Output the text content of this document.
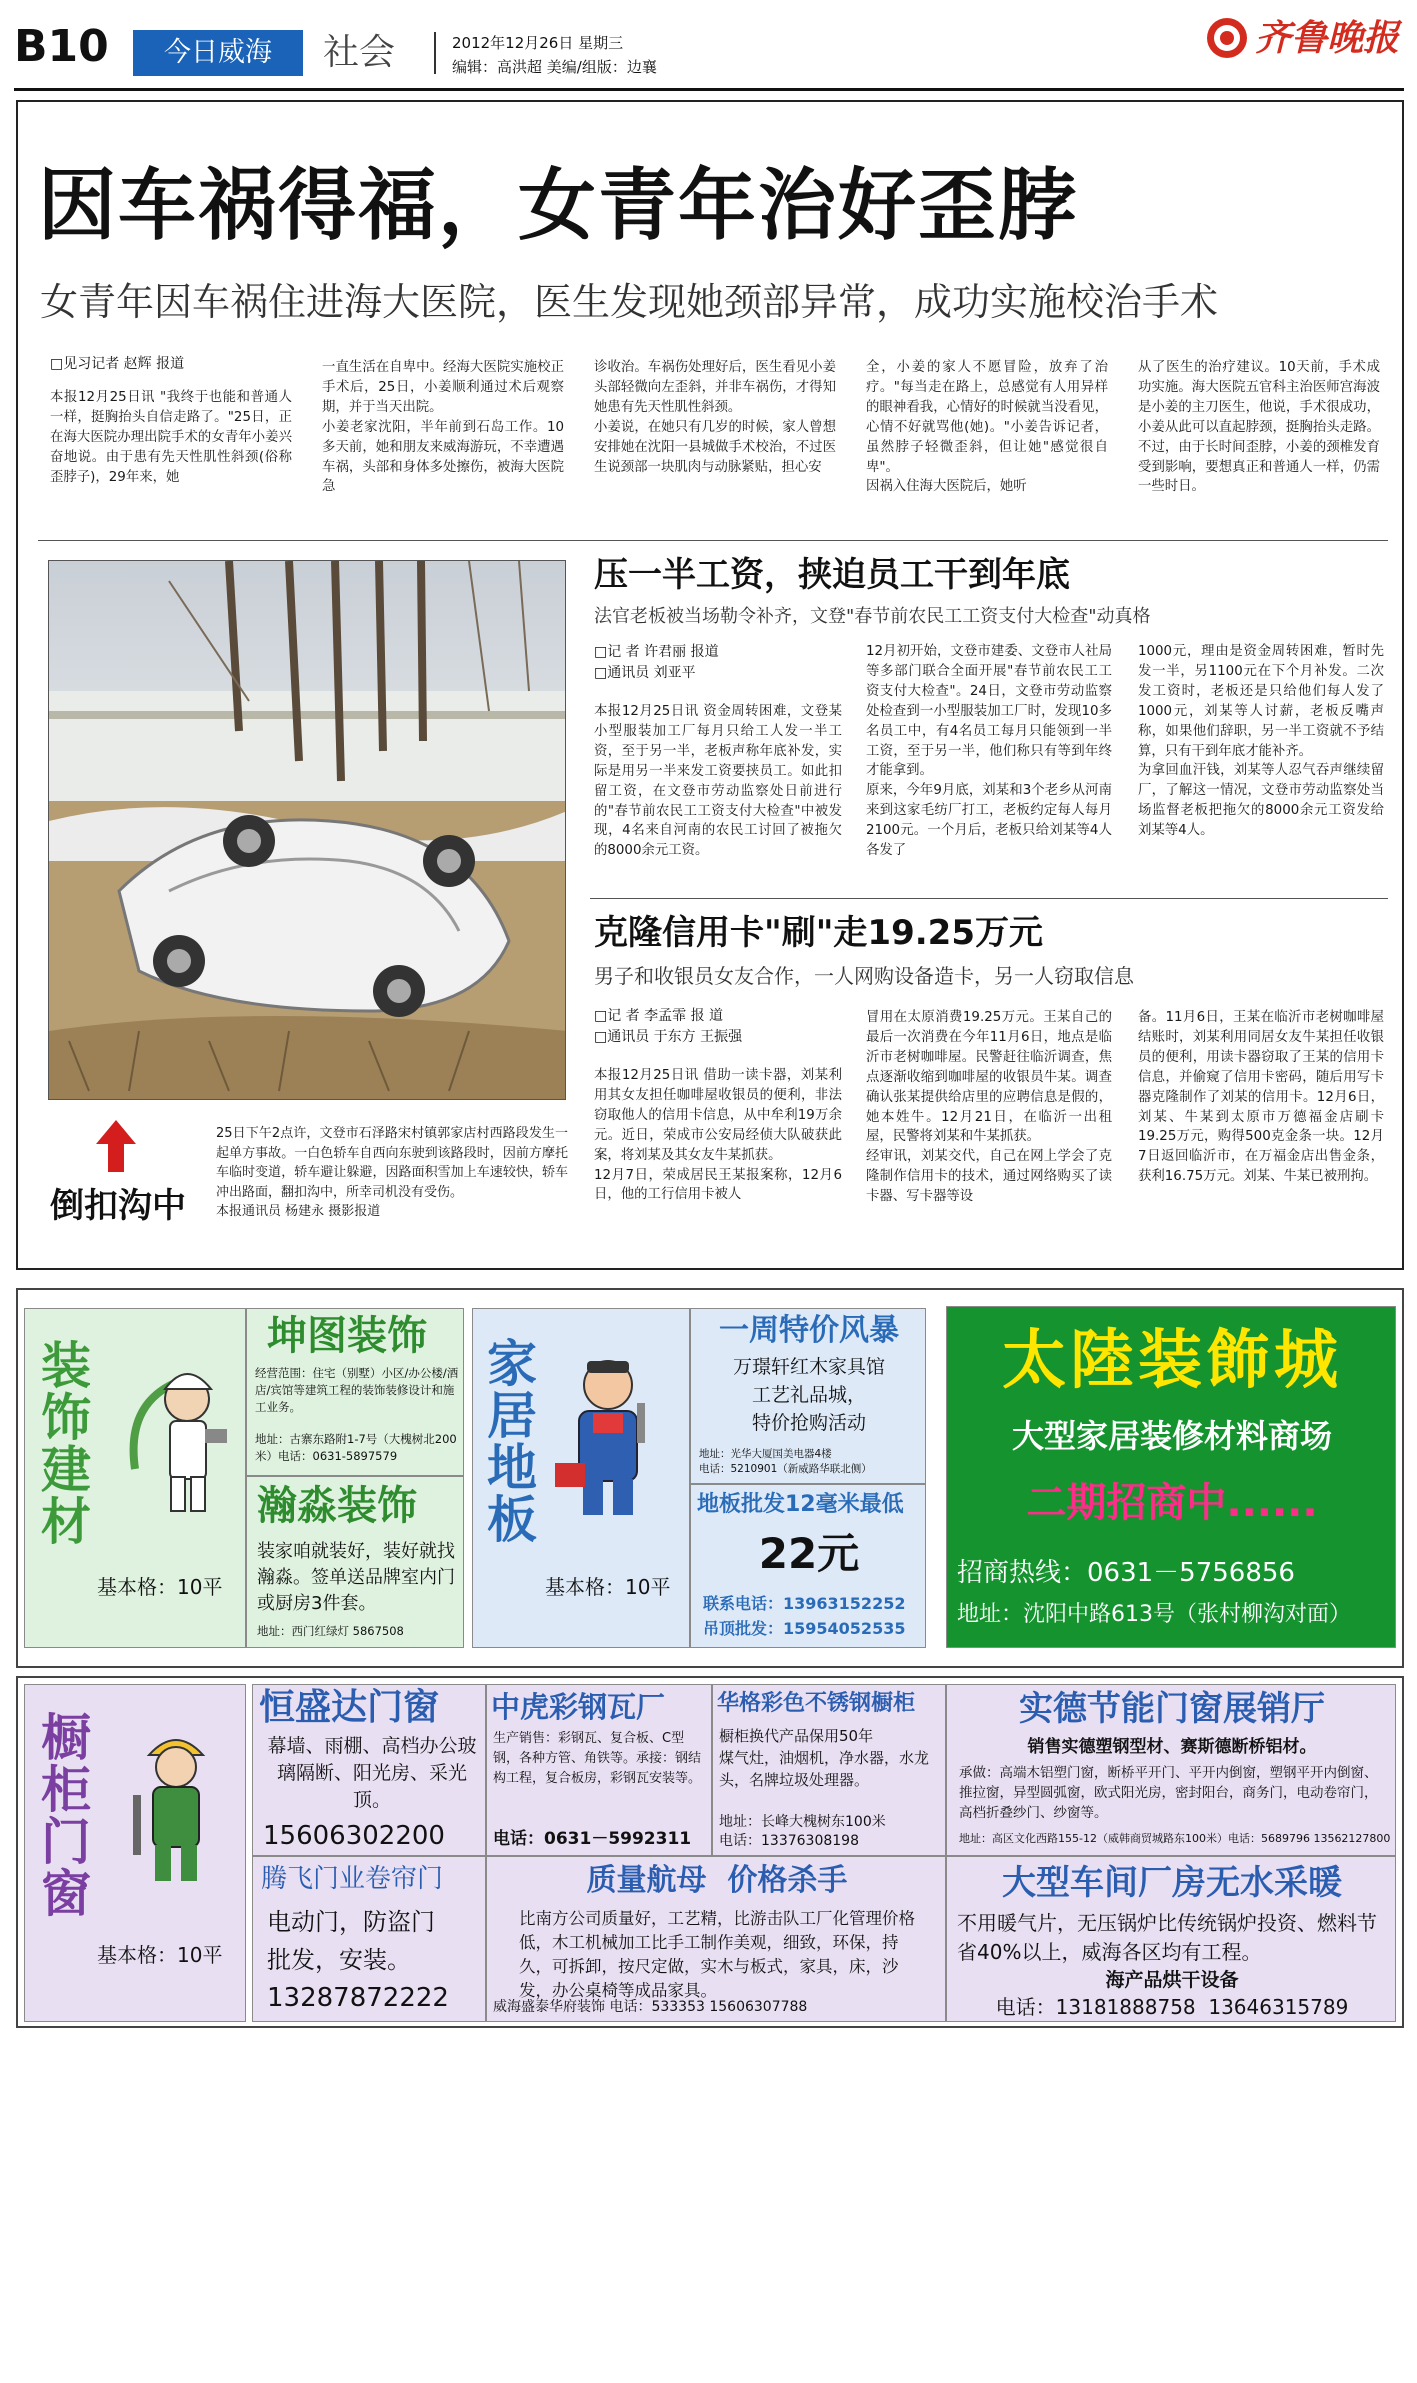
B10	今日威海	社会	2012年12月26日 星期三
编辑：高洪超 美编/组版：边襄
齐鲁晚报
因车祸得福，女青年治好歪脖
女青年因车祸住进海大医院，医生发现她颈部异常，成功实施校治手术
□见习记者 赵辉 报道
本报12月25日讯 "我终于也能和普通人一样，挺胸抬头自信走路了。"25日，正在海大医院办理出院手术的女青年小姜兴奋地说。由于患有先天性肌性斜颈(俗称歪脖子)，29年来，她
一直生活在自卑中。经海大医院实施校正手术后，25日，小姜顺利通过术后观察期，并于当天出院。
小姜老家沈阳，半年前到石岛工作。10多天前，她和朋友来威海游玩，不幸遭遇车祸，头部和身体多处擦伤，被海大医院急
诊收治。车祸伤处理好后，医生看见小姜头部轻微向左歪斜，并非车祸伤，才得知她患有先天性肌性斜颈。
小姜说，在她只有几岁的时候，家人曾想安排她在沈阳一县城做手术校治，不过医生说颈部一块肌肉与动脉紧贴，担心安
全，小姜的家人不愿冒险，放弃了治疗。"每当走在路上，总感觉有人用异样的眼神看我，心情好的时候就当没看见，心情不好就骂他(她)。"小姜告诉记者，虽然脖子轻微歪斜，但让她"感觉很自卑"。
因祸入住海大医院后，她听
从了医生的治疗建议。10天前，手术成功实施。海大医院五官科主治医师宫海波是小姜的主刀医生，他说，手术很成功，小姜从此可以直起脖颈，挺胸抬头走路。不过，由于长时间歪脖，小姜的颈椎发育受到影响，要想真正和普通人一样，仍需一些时日。
倒扣沟中
25日下午2点许，文登市石泽路宋村镇郭家店村西路段发生一起单方事故。一白色轿车自西向东驶到该路段时，因前方摩托车临时变道，轿车避让躲避，因路面积雪加上车速较快，轿车冲出路面，翻扣沟中，所幸司机没有受伤。
本报通讯员 杨建永 摄影报道
压一半工资，挟迫员工干到年底
法官老板被当场勒令补齐，文登"春节前农民工工资支付大检查"动真格
□记 者 许君丽 报道
□通讯员 刘亚平
本报12月25日讯 资金周转困难，文登某小型服装加工厂每月只给工人发一半工资，至于另一半，老板声称年底补发，实际是用另一半来发工资要挟员工。如此扣留工资，在文登市劳动监察处日前进行的"春节前农民工工资支付大检查"中被发现，4名来自河南的农民工讨回了被拖欠的8000余元工资。
12月初开始，文登市建委、文登市人社局等多部门联合全面开展"春节前农民工工资支付大检查"。24日，文登市劳动监察处检查到一小型服装加工厂时，发现10多名员工中，有4名员工每月只能领到一半工资，至于另一半，他们称只有等到年终才能拿到。
原来，今年9月底，刘某和3个老乡从河南来到这家毛纺厂打工，老板约定每人每月2100元。一个月后，老板只给刘某等4人各发了
1000元，理由是资金周转困难，暂时先发一半，另1100元在下个月补发。二次发工资时，老板还是只给他们每人发了1000元，刘某等人讨薪，老板反嘴声称，如果他们辞职，另一半工资就不予结算，只有干到年底才能补齐。
为拿回血汗钱，刘某等人忍气吞声继续留厂，了解这一情况，文登市劳动监察处当场监督老板把拖欠的8000余元工资发给刘某等4人。
克隆信用卡"刷"走19.25万元
男子和收银员女友合作，一人网购设备造卡，另一人窃取信息
□记 者 李孟霏 报 道
□通讯员 于东方 王振强
本报12月25日讯 借助一读卡器，刘某利用其女友担任咖啡屋收银员的便利，非法窃取他人的信用卡信息，从中牟利19万余元。近日，荣成市公安局经侦大队破获此案，将刘某及其女友牛某抓获。
12月7日，荣成居民王某报案称，12月6日，他的工行信用卡被人
冒用在太原消费19.25万元。王某自己的最后一次消费在今年11月6日，地点是临沂市老树咖啡屋。民警赶往临沂调查，焦点逐渐收缩到咖啡屋的收银员牛某。调查确认张某提供给店里的应聘信息是假的，她本姓牛。12月21日，在临沂一出租屋，民警将刘某和牛某抓获。
经审讯，刘某交代，自己在网上学会了克隆制作信用卡的技术，通过网络购买了读卡器、写卡器等设
备。11月6日，王某在临沂市老树咖啡屋结账时，刘某利用同居女友牛某担任收银员的便利，用读卡器窃取了王某的信用卡信息，并偷窥了信用卡密码，随后用写卡器克隆制作了刘某的信用卡。12月6日，刘某、牛某到太原市万德福金店刷卡19.25万元，购得500克金条一块。12月7日返回临沂市，在万福金店出售金条，获利16.75万元。刘某、牛某已被刑拘。
装饰建材
基本格：10平
坤图装饰
经营范围：住宅（别墅）小区/办公楼/酒店/宾馆等建筑工程的装饰装修设计和施工业务。
地址：古寨东路附1-7号（大槐树北200米）电话：0631-5897579
瀚淼装饰
装家咱就装好，装好就找瀚淼。签单送品牌室内门或厨房3件套。
地址：西门红绿灯 5867508
家居地板
基本格：10平
一周特价风暴
万璟轩红木家具馆
工艺礼品城，
特价抢购活动
地址：光华大厦国美电器4楼
电话：5210901（新威路华联北侧）
地板批发12毫米最低
22元
联系电话：13963152252
吊顶批发：15954052535
太陸装飾城
大型家居装修材料商场
二期招商中......
招商热线：0631－5756856
地址：沈阳中路613号（张村柳沟对面）
橱柜门窗
基本格：10平
恒盛达门窗
幕墙、雨棚、高档办公玻璃隔断、阳光房、采光顶。
15606302200
中虎彩钢瓦厂
生产销售：彩钢瓦、复合板、C型钢，各种方管、角铁等。承接：钢结构工程，复合板房，彩钢瓦安装等。
电话：0631－5992311
华格彩色不锈钢橱柜
橱柜换代产品保用50年
煤气灶，油烟机，净水器，水龙头，名牌垃圾处理器。
地址：长峰大槐树东100米
电话：13376308198
实德节能门窗展销厅
销售实德塑钢型材、赛斯德断桥铝材。
承做：高端木铝塑门窗，断桥平开门、平开内倒窗，塑钢平开内倒窗、推拉窗，异型圆弧窗，欧式阳光房，密封阳台，商务门，电动卷帘门，高档折叠纱门、纱窗等。
地址：高区文化西路155-12（威韩商贸城路东100米）电话：5689796 13562127800
腾飞门业卷帘门
电动门，防盗门
批发，安装。
13287872222
质量航母  价格杀手
比南方公司质量好，工艺精，比游击队工厂化管理价格低，木工机械加工比手工制作美观，细致，环保，持久，可拆卸，按尺定做，实木与板式，家具，床，沙发，办公桌椅等成品家具。
威海盛泰华府装饰 电话：533353 15606307788
大型车间厂房无水采暖
不用暖气片，无压锅炉比传统锅炉投资、燃料节省40%以上，威海各区均有工程。
海产品烘干设备
电话：13181888758  13646315789
